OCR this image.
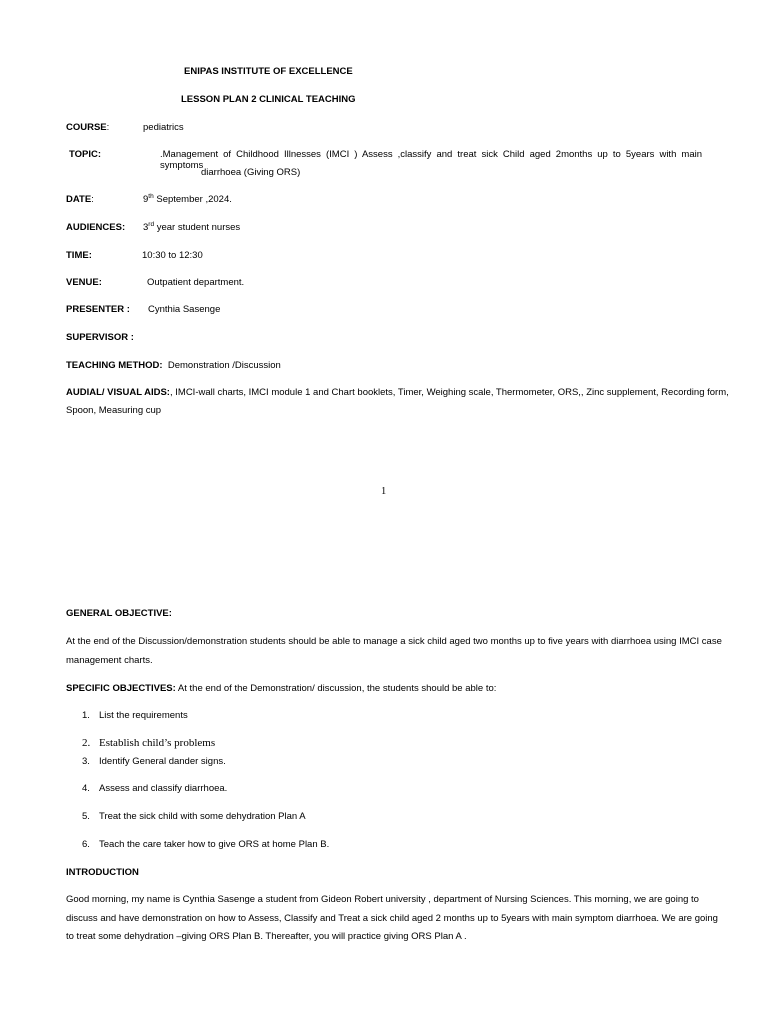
ENIPAS INSTITUTE OF EXCELLENCE
LESSON PLAN 2 CLINICAL TEACHING
COURSE:	pediatrics
TOPIC:	.Management of Childhood Illnesses (IMCI ) Assess ,classify and treat sick Child aged 2months up to 5years with main symptoms
diarrhoea (Giving ORS)
DATE:	9th September ,2024.
AUDIENCES: 3rd year student nurses
TIME:	10:30 to 12:30
VENUE:	Outpatient department.
PRESENTER : Cynthia Sasenge
SUPERVISOR :
TEACHING METHOD:  Demonstration /Discussion
AUDIAL/ VISUAL AIDS:, IMCI-wall charts, IMCI module 1 and Chart booklets, Timer, Weighing scale, Thermometer, ORS,, Zinc supplement, Recording form,
Spoon, Measuring cup
1
GENERAL OBJECTIVE:
At the end of the Discussion/demonstration students should be able to manage a sick child aged two months up to five years with diarrhoea using IMCI case
management charts.
SPECIFIC OBJECTIVES: At the end of the Demonstration/ discussion, the students should be able to:
1. List the requirements
2. Establish child’s problems
3. Identify General dander signs.
4. Assess and classify diarrhoea.
5. Treat the sick child with some dehydration Plan A
6. Teach the care taker how to give ORS at home Plan B.
INTRODUCTION
Good morning, my name is Cynthia Sasenge a student from Gideon Robert university , department of Nursing Sciences. This morning, we are going to
discuss and have demonstration on how to Assess, Classify and Treat a sick child aged 2 months up to 5years with main symptom diarrhoea. We are going
to treat some dehydration –giving ORS Plan B. Thereafter, you will practice giving ORS Plan A .
